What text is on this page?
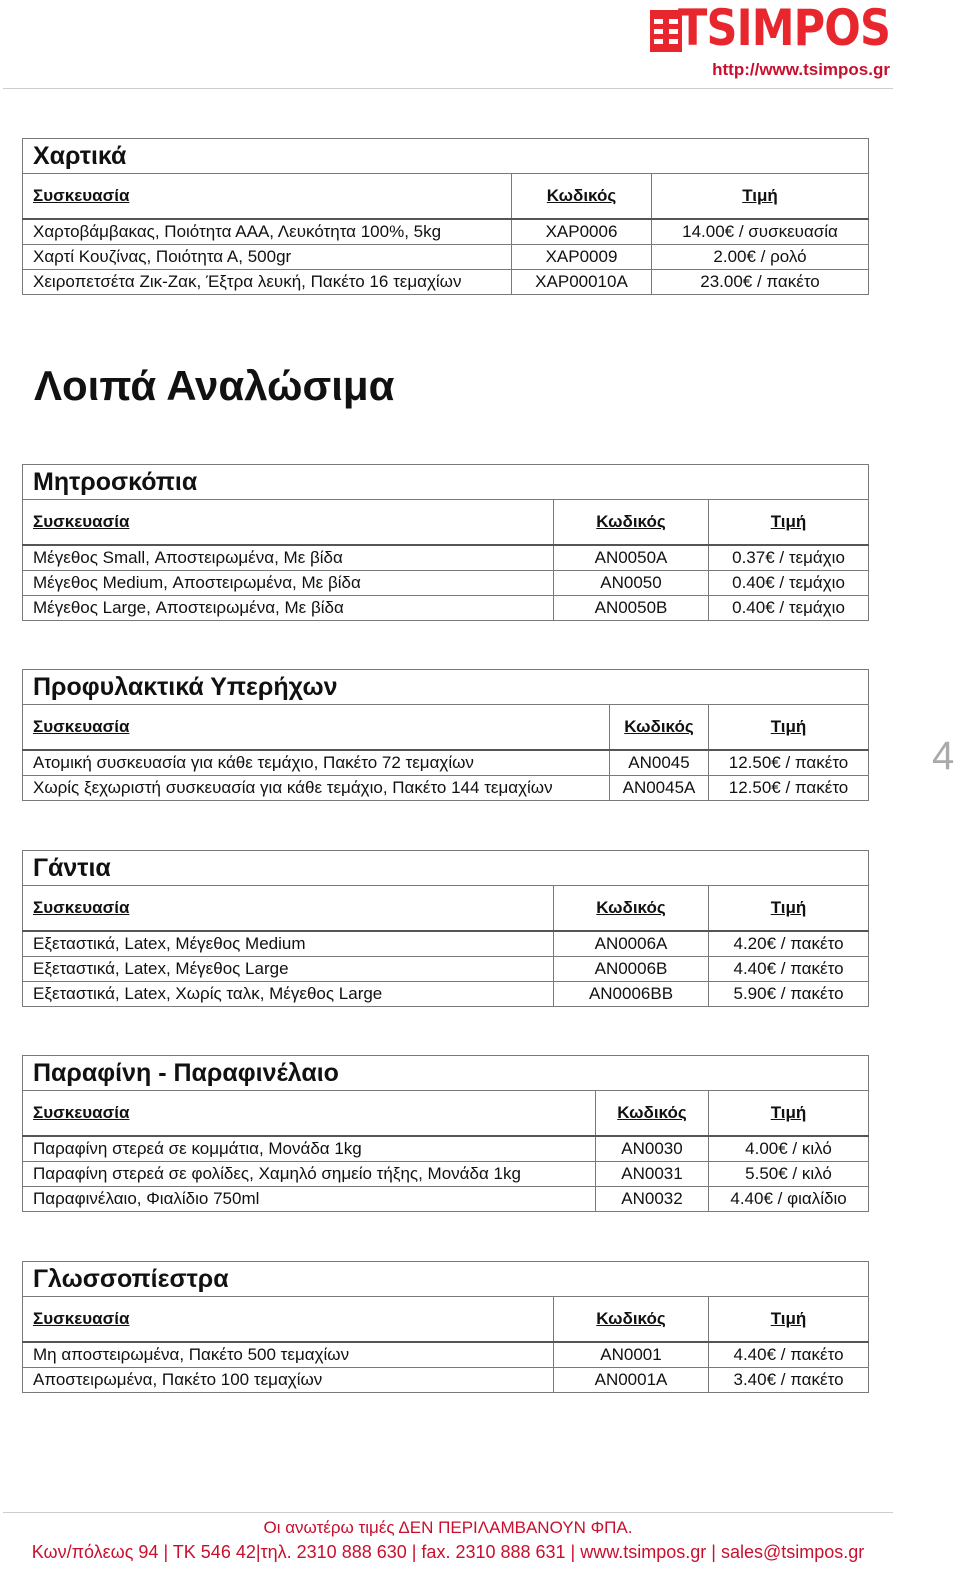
TSIMPOS
http://www.tsimpos.gr
Χαρτικά		
Συσκευασία	Κωδικός	Τιμή
Χαρτοβάμβακας, Ποιότητα ΑΑΑ, Λευκότητα 100%, 5kg	ΧΑΡ0006	14.00€ / συσκευασία
Χαρτί Κουζίνας, Ποιότητα Α, 500gr	ΧΑΡ0009	2.00€ / ρολό
Χειροπετσέτα Ζικ-Ζακ, Έξτρα λευκή, Πακέτο 16 τεμαχίων	ΧΑΡ00010Α	23.00€ / πακέτο
Λοιπά Αναλώσιμα
Μητροσκόπια		
Συσκευασία	Κωδικός	Τιμή
Μέγεθος Small, Αποστειρωμένα, Με βίδα	ΑΝ0050Α	0.37€ / τεμάχιο
Μέγεθος Medium, Αποστειρωμένα, Με βίδα	ΑΝ0050	0.40€ / τεμάχιο
Μέγεθος Large, Αποστειρωμένα, Με βίδα	ΑΝ0050Β	0.40€ / τεμάχιο
Προφυλακτικά Υπερήχων		
Συσκευασία	Κωδικός	Τιμή
Ατομική συσκευασία για κάθε τεμάχιο, Πακέτο 72 τεμαχίων	ΑΝ0045	12.50€ / πακέτο
Χωρίς ξεχωριστή συσκευασία για κάθε τεμάχιο, Πακέτο 144 τεμαχίων	ΑΝ0045Α	12.50€ / πακέτο
4
Γάντια		
Συσκευασία	Κωδικός	Τιμή
Εξεταστικά, Latex, Μέγεθος Medium	ΑΝ0006Α	4.20€ / πακέτο
Εξεταστικά, Latex, Μέγεθος Large	ΑΝ0006Β	4.40€ / πακέτο
Εξεταστικά, Latex, Χωρίς ταλκ, Μέγεθος Large	ΑΝ0006ΒΒ	5.90€ / πακέτο
Παραφίνη - Παραφινέλαιο		
Συσκευασία	Κωδικός	Τιμή
Παραφίνη στερεά σε κομμάτια, Μονάδα 1kg	ΑΝ0030	4.00€ / κιλό
Παραφίνη στερεά σε φολίδες, Χαμηλό σημείο τήξης, Μονάδα 1kg	ΑΝ0031	5.50€ / κιλό
Παραφινέλαιο, Φιαλίδιο 750ml	ΑΝ0032	4.40€ / φιαλίδιο
Γλωσσοπίεστρα		
Συσκευασία	Κωδικός	Τιμή
Μη αποστειρωμένα, Πακέτο 500 τεμαχίων	ΑΝ0001	4.40€ / πακέτο
Αποστειρωμένα, Πακέτο 100 τεμαχίων	ΑΝ0001Α	3.40€ / πακέτο
Οι ανωτέρω τιμές ΔΕΝ ΠΕΡΙΛΑΜΒΑΝΟΥΝ ΦΠΑ.
Κων/πόλεως 94 | ΤΚ 546 42|τηλ. 2310 888 630 | fax. 2310 888 631 | www.tsimpos.gr | sales@tsimpos.gr
